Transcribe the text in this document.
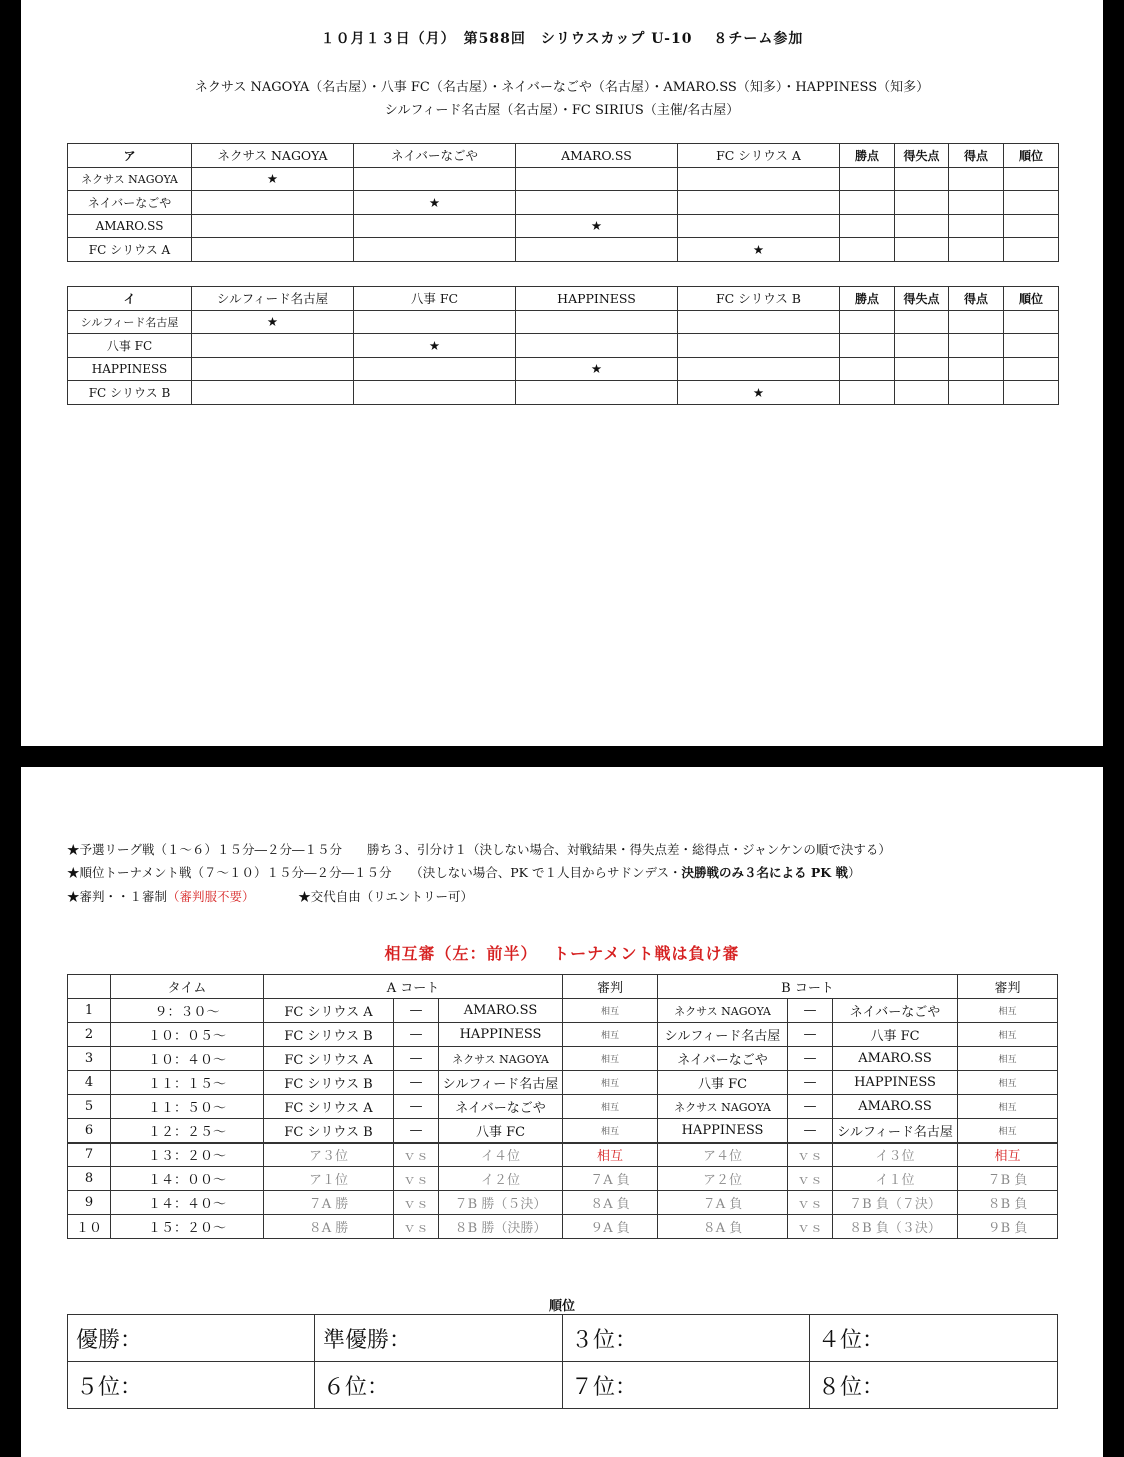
１０月１３日（月）　第588回　シリウスカップ U-10　 ８チーム参加
ネクサス NAGOYA（名古屋）・八事 FC（名古屋）・ネイバーなごや（名古屋）・AMARO.SS（知多）・HAPPINESS（知多）
シルフィード名古屋（名古屋）・FC SIRIUS（主催/名古屋）
ア	ネクサス NAGOYA	ネイバーなごや	AMARO.SS	FC シリウス A	勝点	得失点	得点	順位
ネクサス NAGOYA	★							
ネイバーなごや		★						
AMARO.SS			★					
FC シリウス A				★				
イ	シルフィード名古屋	八事 FC	HAPPINESS	FC シリウス B	勝点	得失点	得点	順位
シルフィード名古屋	★							
八事 FC		★						
HAPPINESS			★					
FC シリウス B				★				
★予選リーグ戦（１～６）１５分―２分―１５分　　勝ち３、引分け１（決しない場合、対戦結果・得失点差・総得点・ジャンケンの順で決する）
★順位トーナメント戦（７～１０）１５分―２分―１５分　　（決しない場合、PK で１人目からサドンデス・決勝戦のみ３名による PK 戦）
★審判・・１審制（審判服不要）　　　　	★交代自由（リエントリー可）
相互審（左：前半）　 トーナメント戦は負け審
	タイム	A コート			審判	B コート			審判
1	９：３０～	FC シリウス A	—	AMARO.SS	相互	ネクサス NAGOYA	—	ネイバーなごや	相互
2	１０：０５～	FC シリウス B	—	HAPPINESS	相互	シルフィード名古屋	—	八事 FC	相互
3	１０：４０～	FC シリウス A	—	ネクサス NAGOYA	相互	ネイバーなごや	—	AMARO.SS	相互
4	１１：１５～	FC シリウス B	—	シルフィード名古屋	相互	八事 FC	—	HAPPINESS	相互
5	１１：５０～	FC シリウス A	—	ネイバーなごや	相互	ネクサス NAGOYA	—	AMARO.SS	相互
6	１２：２５～	FC シリウス B	—	八事 FC	相互	HAPPINESS	—	シルフィード名古屋	相互
7	１３：２０～	ア３位	ｖｓ	イ４位	相互	ア４位	ｖｓ	イ３位	相互
8	１４：００～	ア１位	ｖｓ	イ２位	７A 負	ア２位	ｖｓ	イ１位	７B 負
9	１４：４０～	７A 勝	ｖｓ	７B 勝（５決）	８A 負	７A 負	ｖｓ	７B 負（７決）	８B 負
１０	１５：２０～	８A 勝	ｖｓ	８B 勝（決勝）	９A 負	８A 負	ｖｓ	８B 負（３決）	９B 負
順位
優勝：	準優勝：	３位：	４位：
５位：	６位：	７位：	８位：
